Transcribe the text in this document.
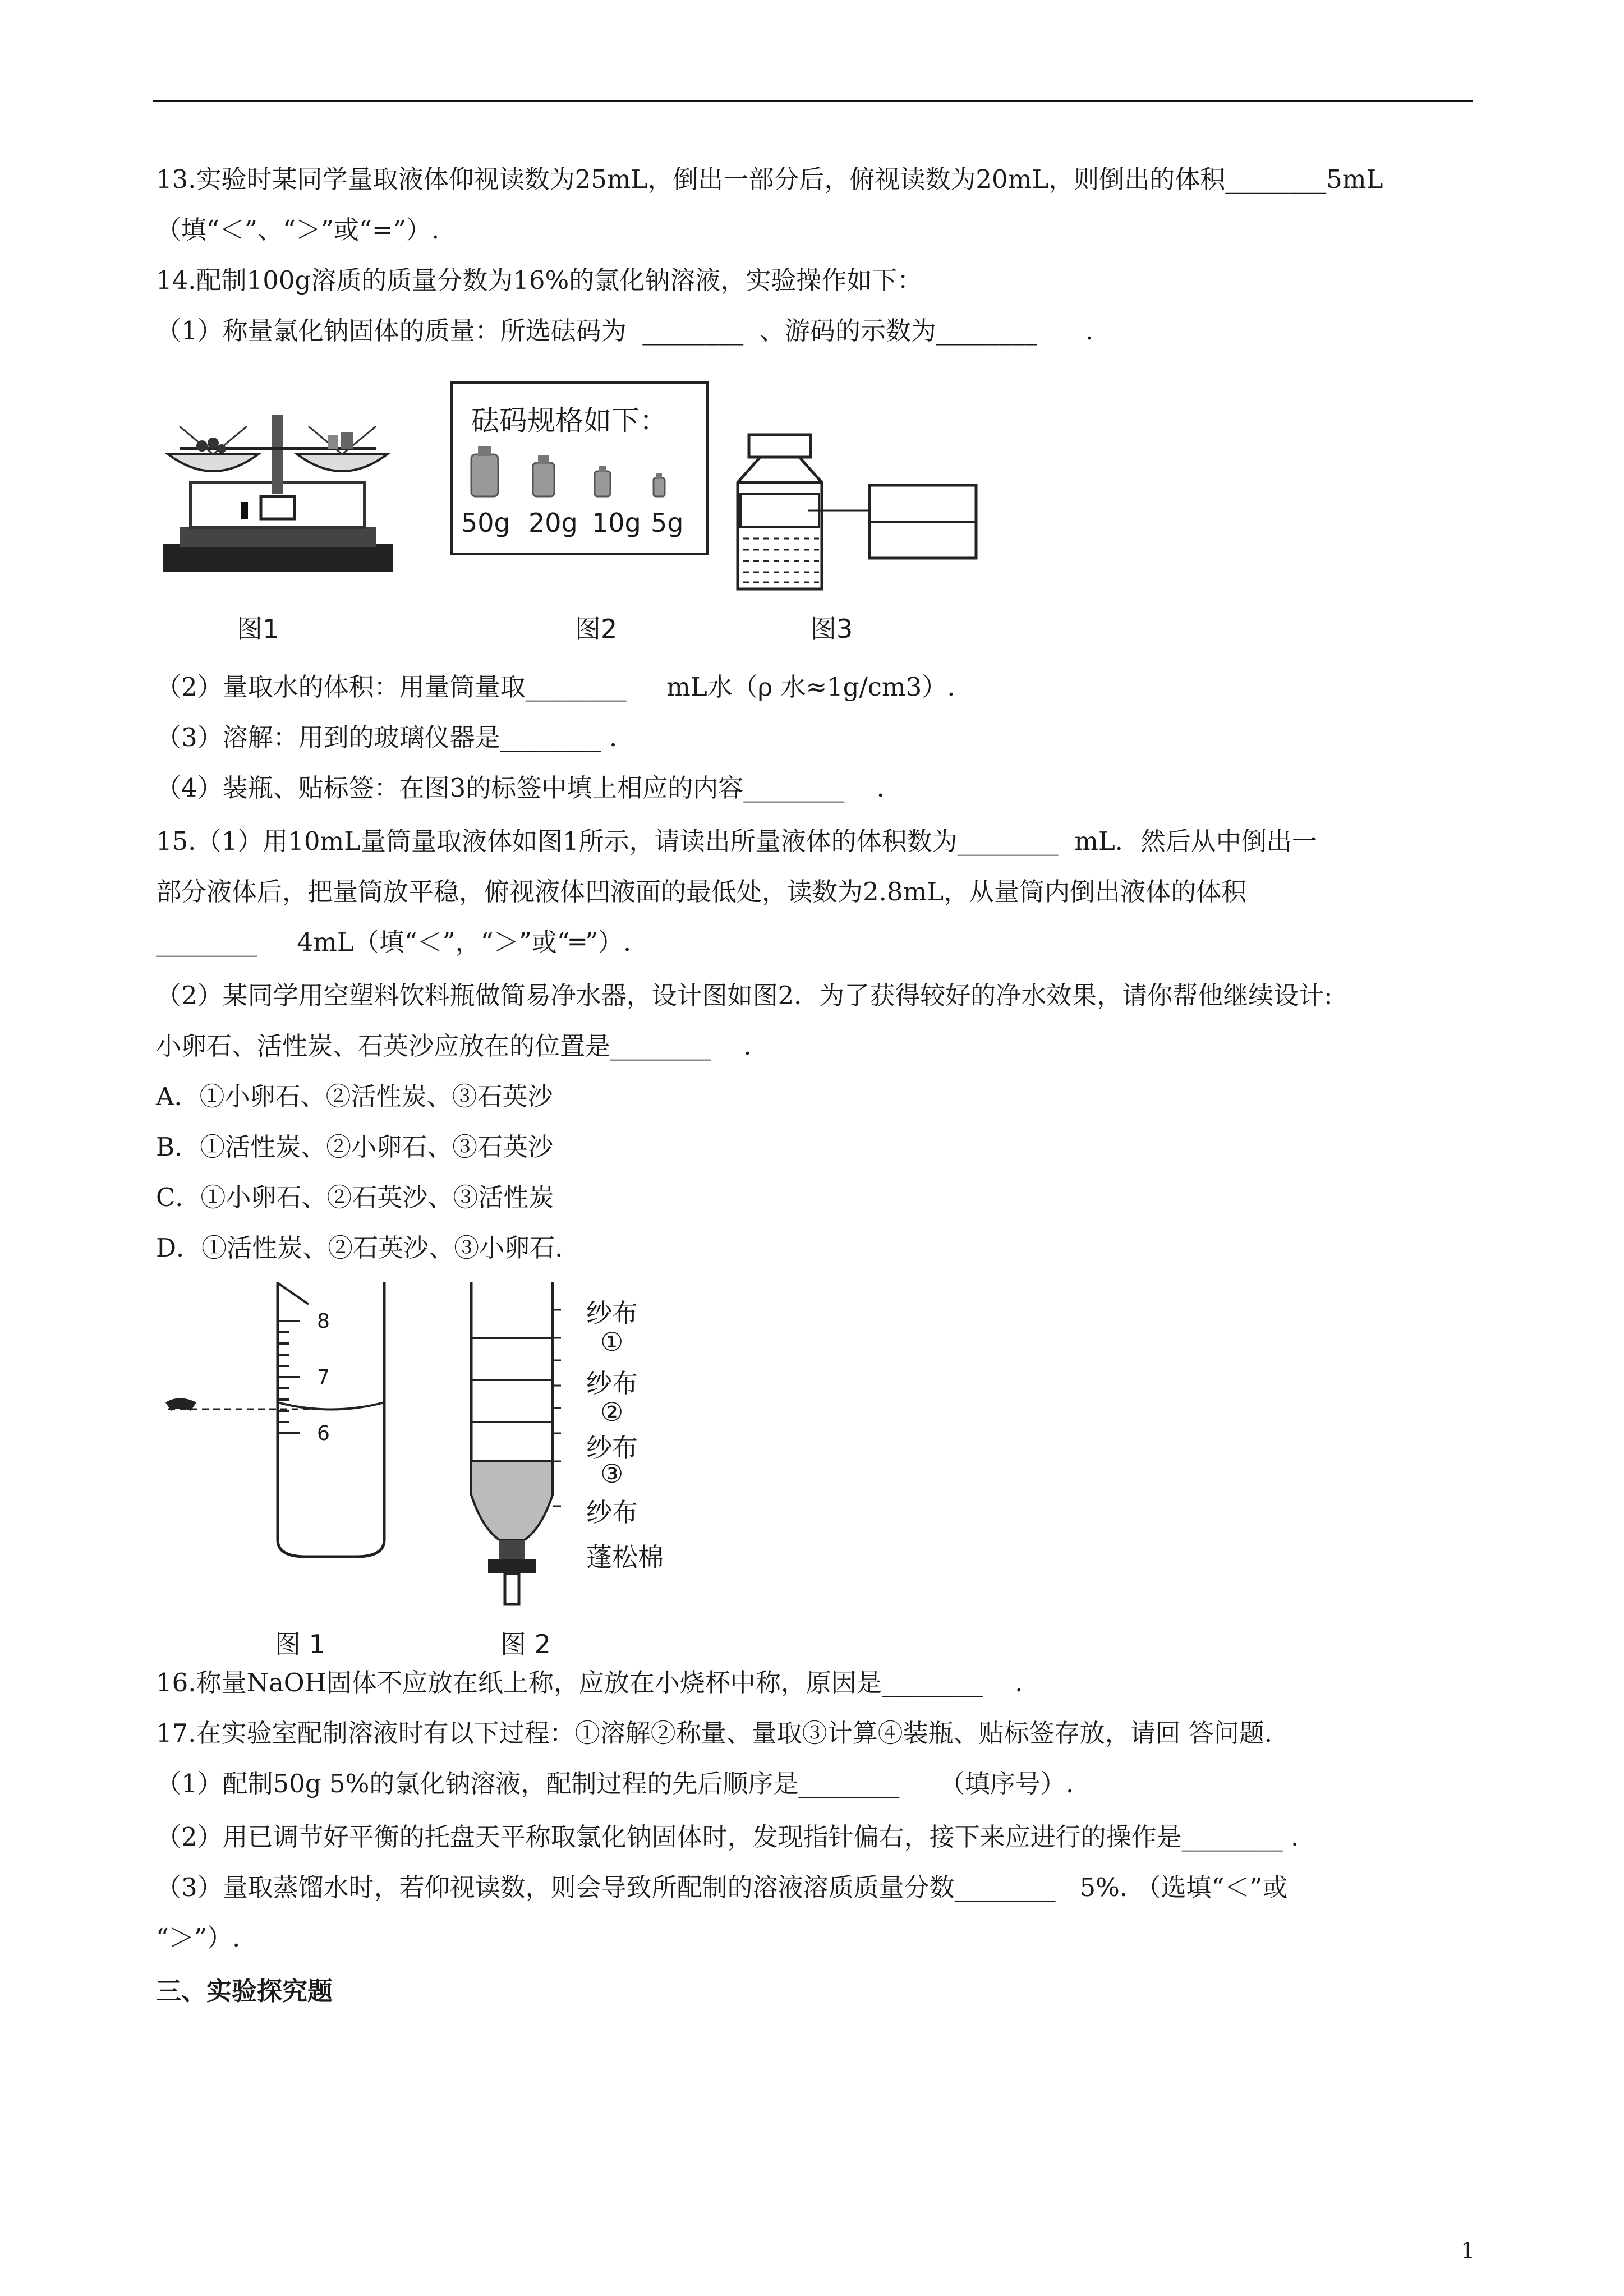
13.实验时某同学量取液体仰视读数为25mL，倒出一部分后，俯视读数为20mL，则倒出的体积________5mL
（填“＜”、“＞”或“=”）.
14.配制100g溶质的质量分数为16%的氯化钠溶液，实验操作如下：
（1）称量氯化钠固体的质量：所选砝码为  ________  、游码的示数为________      .
砝码规格如下：
50g 20g 10g 5g
图1	图2	图3
（2）量取水的体积：用量筒量取________     mL水（ρ 水≈1g/cm3）.
（3）溶解：用到的玻璃仪器是________ .
（4）装瓶、贴标签：在图3的标签中填上相应的内容________    .
15.（1）用10mL量筒量取液体如图1所示，请读出所量液体的体积数为________  mL．然后从中倒出一
部分液体后，把量筒放平稳，俯视液体凹液面的最低处，读数为2.8mL，从量筒内倒出液体的体积
________     4mL（填“＜”，“＞”或“═”）.
（2）某同学用空塑料饮料瓶做简易净水器，设计图如图2．为了获得较好的净水效果，请你帮他继续设计:
小卵石、活性炭、石英沙应放在的位置是________    .
A．①小卵石、②活性炭、③石英沙
B．①活性炭、②小卵石、③石英沙
C．①小卵石、②石英沙、③活性炭
D．①活性炭、②石英沙、③小卵石.
8
7
6
纱布
①
纱布
②
纱布
③
纱布
蓬松棉
图 1	图 2
16.称量NaOH固体不应放在纸上称，应放在小烧杯中称，原因是________    .
17.在实验室配制溶液时有以下过程：①溶解②称量、量取③计算④装瓶、贴标签存放，请回 答问题.
（1）配制50g 5%的氯化钠溶液，配制过程的先后顺序是________     （填序号）.
（2）用已调节好平衡的托盘天平称取氯化钠固体时，发现指针偏右，接下来应进行的操作是________ .
（3）量取蒸馏水时，若仰视读数，则会导致所配制的溶液溶质质量分数________   5%. （选填“＜”或
“＞”）.
三、实验探究题
1
